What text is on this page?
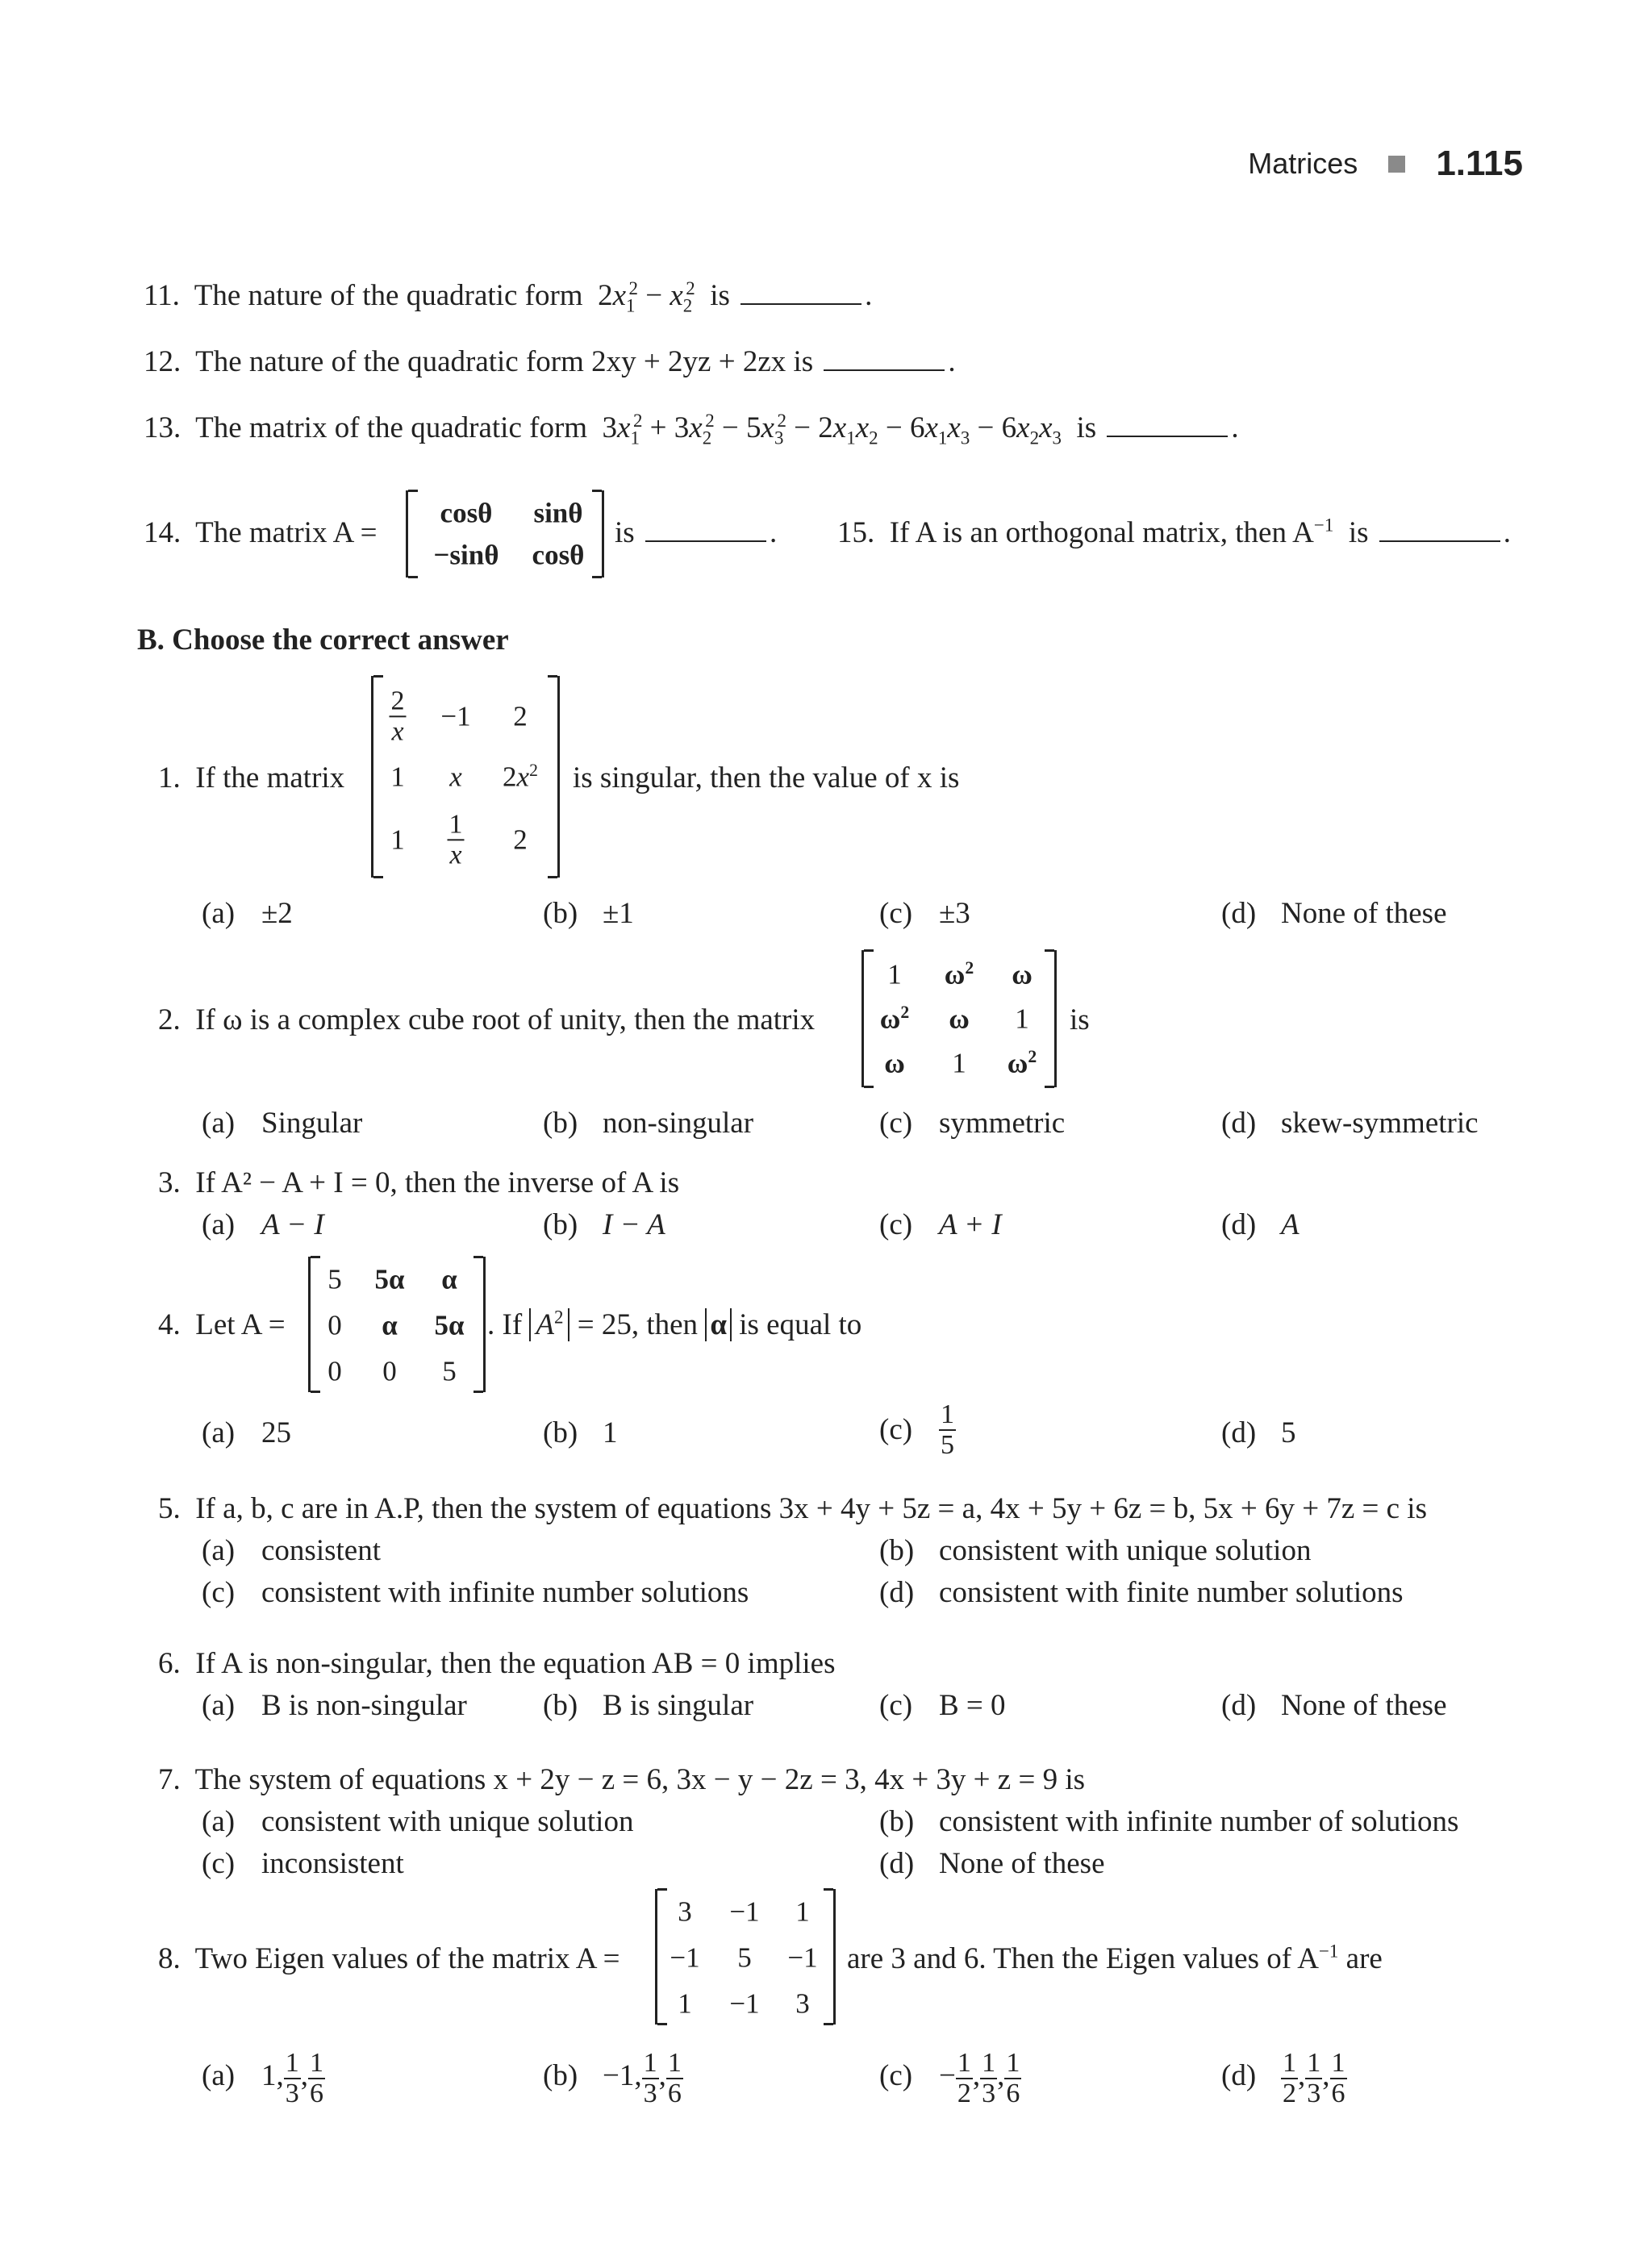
Matrices 1.115
11. The nature of the quadratic form  $2x_1^2 - x_2^2$ is	.
12. The nature of the quadratic form 2xy + 2yz + 2zx is	.
13. The matrix of the quadratic form  $3x_1^2 + 3x_2^2 - 5x_3^2 - 2x_1x_2 - 6x_1x_3 - 6x_2x_3$ is	.
14. The matrix A =
cosθ sinθ
−sinθ cosθ
is	. 15. If A is an orthogonal matrix, then $A^{-1}$ is	.
B. Choose the correct answer
1. If the matrix
$\frac{2}{x} -1$ 2
1 x $2x^2$
$1 \frac{1}{x} 2$
is singular, then the value of x is
(a) ±2	(b) ±1	(c) ±3	(d) None of these
2. If ω is a complex cube root of unity, then the matrix
1 $\omega^2$ ω
$\omega^2$ ω 1
ω 1 $\omega^2$
is
(a) Singular	(b) non-singular	(c) symmetric	(d) skew-symmetric
3. If A² − A + I = 0, then the inverse of A is
(a) A − I	(b) I − A	(c) A + I	(d) A
4. Let A =
5 5α α
0 α 5α
0 0 5
. If $A^2 = 25$, then α is equal to
(a) 25	(b) 1	$(c) \frac{1}{5}$	(d) 5
5. If a, b, c are in A.P, then the system of equations 3x + 4y + 5z = a, 4x + 5y + 6z = b, 5x + 6y + 7z = c is
(a) consistent	(b) consistent with unique solution
(c) consistent with infinite number solutions	(d) consistent with finite number solutions
6. If A is non-singular, then the equation AB = 0 implies
(a) B is non-singular	(b) B is singular	(c) B = 0	(d) None of these
7. The system of equations x + 2y − z = 6, 3x − y − 2z = 3, 4x + 3y + z = 9 is
(a) consistent with unique solution	(b) consistent with infinite number of solutions
(c) inconsistent	(d) None of these
8. Two Eigen values of the matrix A =
3 −1 1
−1 5 −1
1 −1 3
are 3 and 6. Then the Eigen values of $A^{-1}$ are
(a) 1, $\frac{1}{3}$ , $\frac{1}{6}$	(b) −1, $\frac{1}{3}$ , $\frac{1}{6}$	$(c) - \frac{1}{2}$ , $\frac{1}{3}$ , $\frac{1}{6}$	$(d) \frac{1}{2}$ , $\frac{1}{3}$ , $\frac{1}{6}$
